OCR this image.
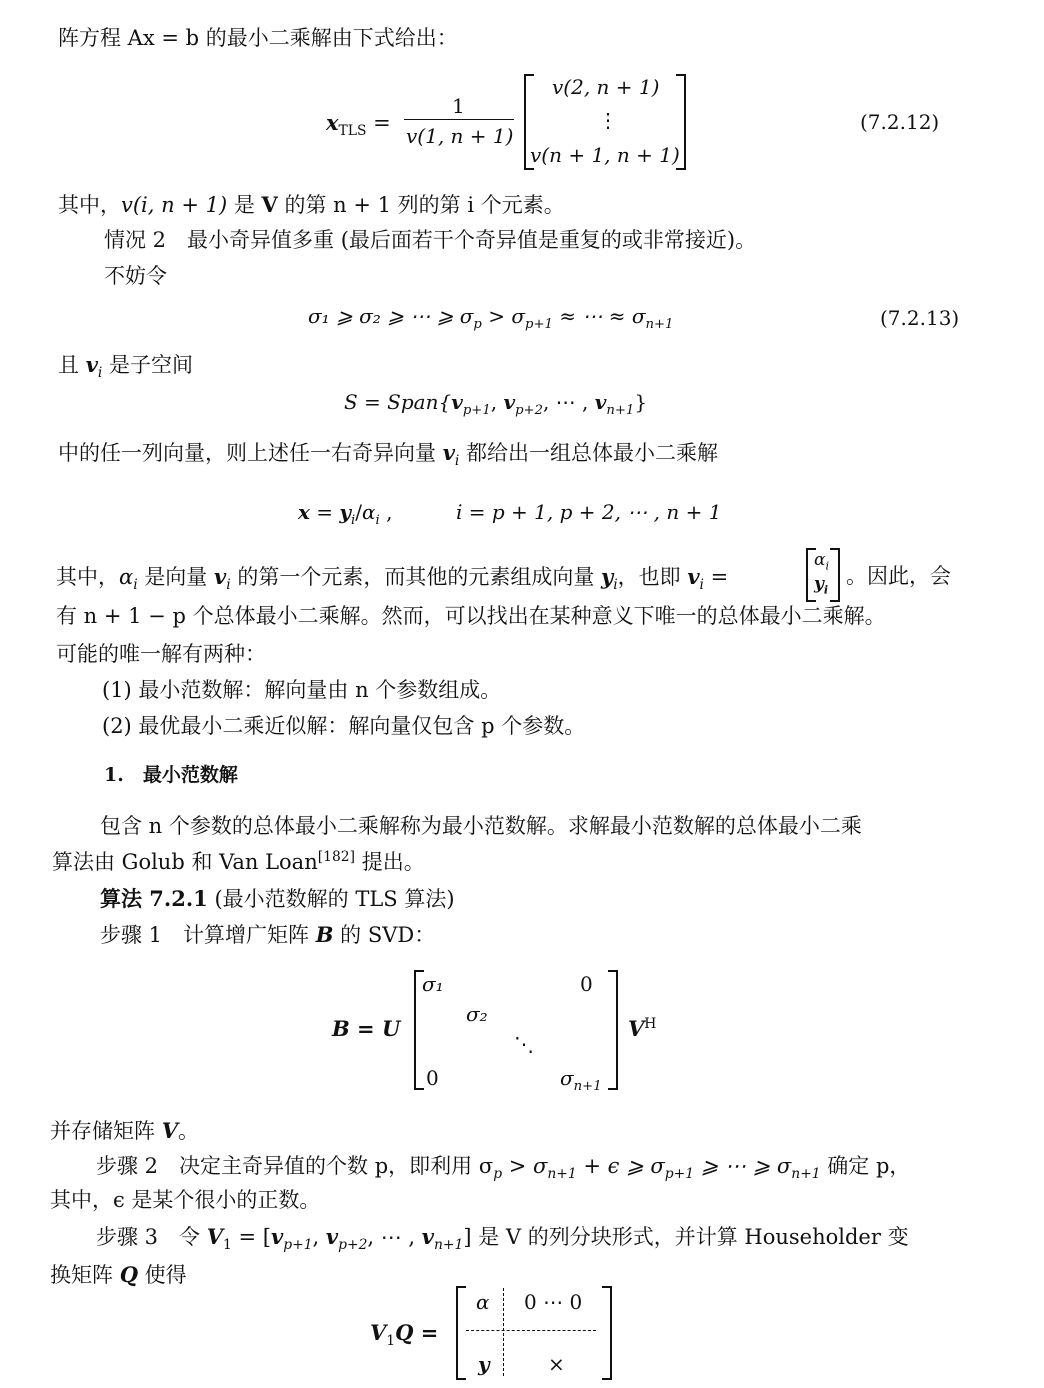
阵方程 Ax = b 的最小二乘解由下式给出：
$x_{TLS}$ =
1
v(1, n + 1)
v(2, n + 1)
⋮
v(n + 1, n + 1)
(7.2.12)
其中，v(i, n + 1) 是 V 的第 n + 1 列的第 i 个元素。
情况 2　最小奇异值多重 (最后面若干个奇异值是重复的或非常接近)。
不妨令
σ₁ ⩾ σ₂ ⩾ ⋯ ⩾ $\sigma_p > \sigma_{p+1}$ ≈ ⋯ ≈ $\sigma_{n+1}$	(7.2.13)
且 $v_i$ 是子空间
$S = Span\{v_{p+1}$, $v_{p+2}$, ⋯ , $v_{n+1}$}
中的任一列向量，则上述任一右奇异向量 $v_i$ 都给出一组总体最小二乘解
$x = y_i/\alpha_i$ ,	i = p + 1, p + 2, ⋯ , n + 1
其中，$\alpha_i$ 是向量 $v_i$ 的第一个元素，而其他的元素组成向量 $y_i$，也即 $v_i$ =
$\alpha_i$
$y_i$
。因此，会
有 n + 1 − p 个总体最小二乘解。然而，可以找出在某种意义下唯一的总体最小二乘解。
可能的唯一解有两种：
(1) 最小范数解：解向量由 n 个参数组成。
(2) 最优最小二乘近似解：解向量仅包含 p 个参数。
1.　最小范数解
包含 n 个参数的总体最小二乘解称为最小范数解。求解最小范数解的总体最小二乘
算法由 Golub 和 Van Loan[182] 提出。
算法 7.2.1 (最小范数解的 TLS 算法)
步骤 1　计算增广矩阵 B 的 SVD：
B = U
σ₁	0
σ₂
⋱
0	$\sigma_{n+1}$
$V^H$
并存储矩阵 V。
步骤 2　决定主奇异值的个数 p，即利用 $\sigma_p > \sigma_{n+1} + \epsilon$ ⩾ $\sigma_{p+1}$ ⩾ ⋯ ⩾ $\sigma_{n+1}$ 确定 p，
其中，ϵ 是某个很小的正数。
步骤 3　令 $V_1 = [v_{p+1}$, $v_{p+2}$, ⋯ , $v_{n+1}$] 是 V 的列分块形式，并计算 Householder 变
换矩阵 Q 使得
$V_1Q$ =
α 0 ⋯ 0
y	×
